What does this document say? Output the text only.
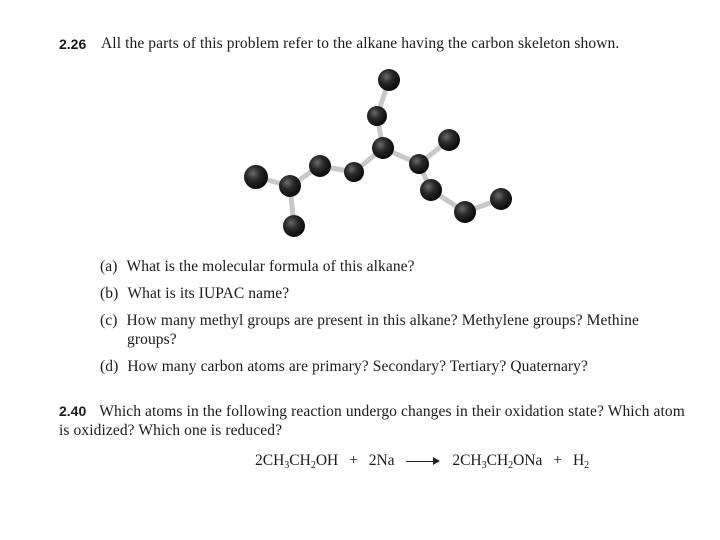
2.26 All the parts of this problem refer to the alkane having the carbon skeleton shown.
(a) What is the molecular formula of this alkane?
(b) What is its IUPAC name?
(c) How many methyl groups are present in this alkane? Methylene groups? Methine
groups?
(d) How many carbon atoms are primary? Secondary? Tertiary? Quaternary?
2.40 Which atoms in the following reaction undergo changes in their oxidation state? Which atom
is oxidized? Which one is reduced?
$2CH_3CH_2OH + 2Na$	$2CH_3CH_2ONa + H_2$
